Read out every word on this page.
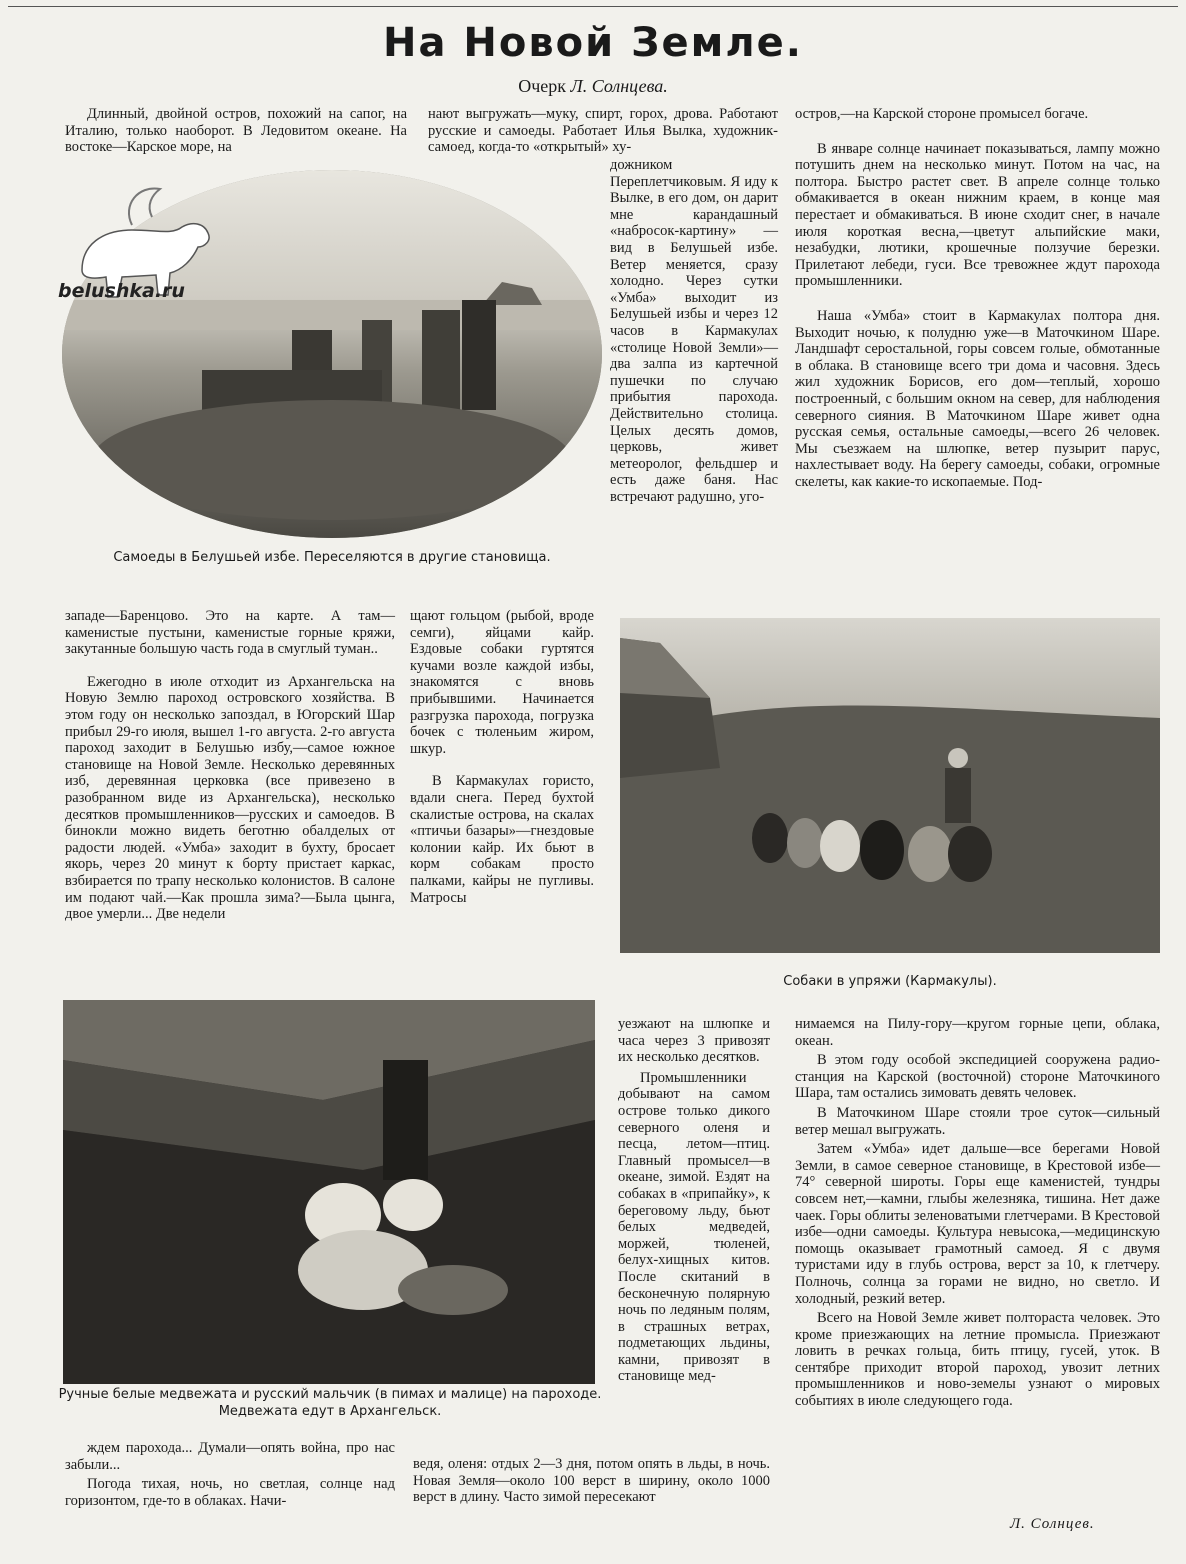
На Новой Земле.
Очерк Л. Солнцева.

Длинный, двойной остров, похожий на сапог, на Италию, только наоборот. В Ледовитом океане. На востоке—Карское море, на

нают выгружать—муку, спирт, горох, дрова. Работают русские и самоеды. Работает Илья Вылка, художник-самоед, когда-то «открытый» ху-

дожником Переплетчиковым. Я иду к Вылке, в его дом, он дарит мне карандашный «набросок-картину» — вид в Белушьей избе. Ветер меняется, сразу холодно. Через сутки «Умба» выходит из Белушьей избы и через 12 часов в Кармакулах «столице Новой Земли»—два залпа из картечной пушечки по случаю прибытия парохода. Действительно столица. Целых десять домов, церковь, живет метеоролог, фельдшер и есть даже баня. Нас встречают радушно, уго-

остров,—на Карской стороне промысел богаче.

В январе солнце начинает показываться, лампу можно потушить днем на несколько минут. Потом на час, на полтора. Быстро растет свет. В апреле солнце только обмакивается в океан нижним краем, в конце мая перестает и обмакиваться. В июне сходит снег, в начале июля короткая весна,—цветут альпийские маки, незабудки, лютики, крошечные ползучие березки. Прилетают лебеди, гуси. Все тревожнее ждут парохода промышленники.

Наша «Умба» стоит в Кармакулах полтора дня. Выходит ночью, к полудню уже—в Маточкином Шаре. Ландшафт серостальной, горы совсем голые, обмотанные в облака. В становище всего три дома и часовня. Здесь жил художник Борисов, его дом—теплый, хорошо построенный, с большим окном на север, для наблюдения северного сияния. В Маточкином Шаре живет одна русская семья, остальные самоеды,—всего 26 человек. Мы съезжаем на шлюпке, ветер пузырит парус, нахлестывает воду. На берегу самоеды, собаки, огромные скелеты, как какие-то ископаемые. Под-

Самоеды в Белушьей избе. Переселяются в другие становища.
belushka.ru

западе—Баренцово. Это на карте. А там—каменистые пустыни, каменистые горные кряжи, закутанные большую часть года в смуглый туман..

Ежегодно в июле отходит из Архангельска на Новую Землю пароход островского хозяйства. В этом году он несколько запоздал, в Югорский Шар прибыл 29-го июля, вышел 1-го августа. 2-го августа пароход заходит в Белушью избу,—самое южное становище на Новой Земле. Несколько деревянных изб, деревянная церковка (все привезено в разобранном виде из Архангельска), несколько десятков промышленников—русских и самоедов. В бинокли можно видеть беготню обалделых от радости людей. «Умба» заходит в бухту, бросает якорь, через 20 минут к борту пристает каркас, взбирается по трапу несколько колонистов. В салоне им подают чай.—Как прошла зима?—Была цынга, двое умерли... Две недели

щают гольцом (рыбой, вроде семги), яйцами кайр. Ездовые собаки гуртятся кучами возле каждой избы, знакомятся с вновь прибывшими. Начинается разгрузка парохода, погрузка бочек с тюленьим жиром, шкур.

В Кармакулах гористо, вдали снега. Перед бухтой скалистые острова, на скалах «птичьи базары»—гнездовые колонии кайр. Их бьют в корм собакам просто палками, кайры не пугливы. Матросы

Собаки в упряжи (Кармакулы).
Ручные белые медвежата и русский мальчик (в пимах и малице) на пароходе. Медвежата едут в Архангельск.

уезжают на шлюпке и часа через 3 привозят их несколько десятков.

Промышленники добывают на самом острове только дикого северного оленя и песца, летом—птиц. Главный промысел—в океане, зимой. Ездят на собаках в «припайку», к береговому льду, бьют белых медведей, моржей, тюленей, белух-хищных китов. После скитаний в бесконечную полярную ночь по ледяным полям, в страшных ветрах, подметающих льдины, камни, привозят в становище мед-

нимаемся на Пилу-гору—кругом горные цепи, облака, океан.

В этом году особой экспедицией сооружена радио-станция на Карской (восточной) стороне Маточкиного Шара, там остались зимовать девять человек.

В Маточкином Шаре стояли трое суток—сильный ветер мешал выгружать.

Затем «Умба» идет дальше—все берегами Новой Земли, в самое северное становище, в Крестовой избе—74° северной широты. Горы еще каменистей, тундры совсем нет,—камни, глыбы железняка, тишина. Нет даже чаек. Горы облиты зеленоватыми глетчерами. В Крестовой избе—одни самоеды. Культура невысока,—медицинскую помощь оказывает грамотный самоед. Я с двумя туристами иду в глубь острова, верст за 10, к глетчеру. Полночь, солнца за горами не видно, но светло. И холодный, резкий ветер.

Всего на Новой Земле живет полтораста человек. Это кроме приезжающих на летние промысла. Приезжают ловить в речках гольца, бить птицу, гусей, уток. В сентябре приходит второй пароход, увозит летних промышленников и ново-земелы узнают о мировых событиях в июле следующего года.

ждем парохода... Думали—опять война, про нас забыли...

Погода тихая, ночь, но светлая, солнце над горизонтом, где-то в облаках. Начи-

ведя, оленя: отдых 2—3 дня, потом опять в льды, в ночь. Новая Земля—около 100 верст в ширину, около 1000 верст в длину. Часто зимой пересекают

Л. Солнцев.
